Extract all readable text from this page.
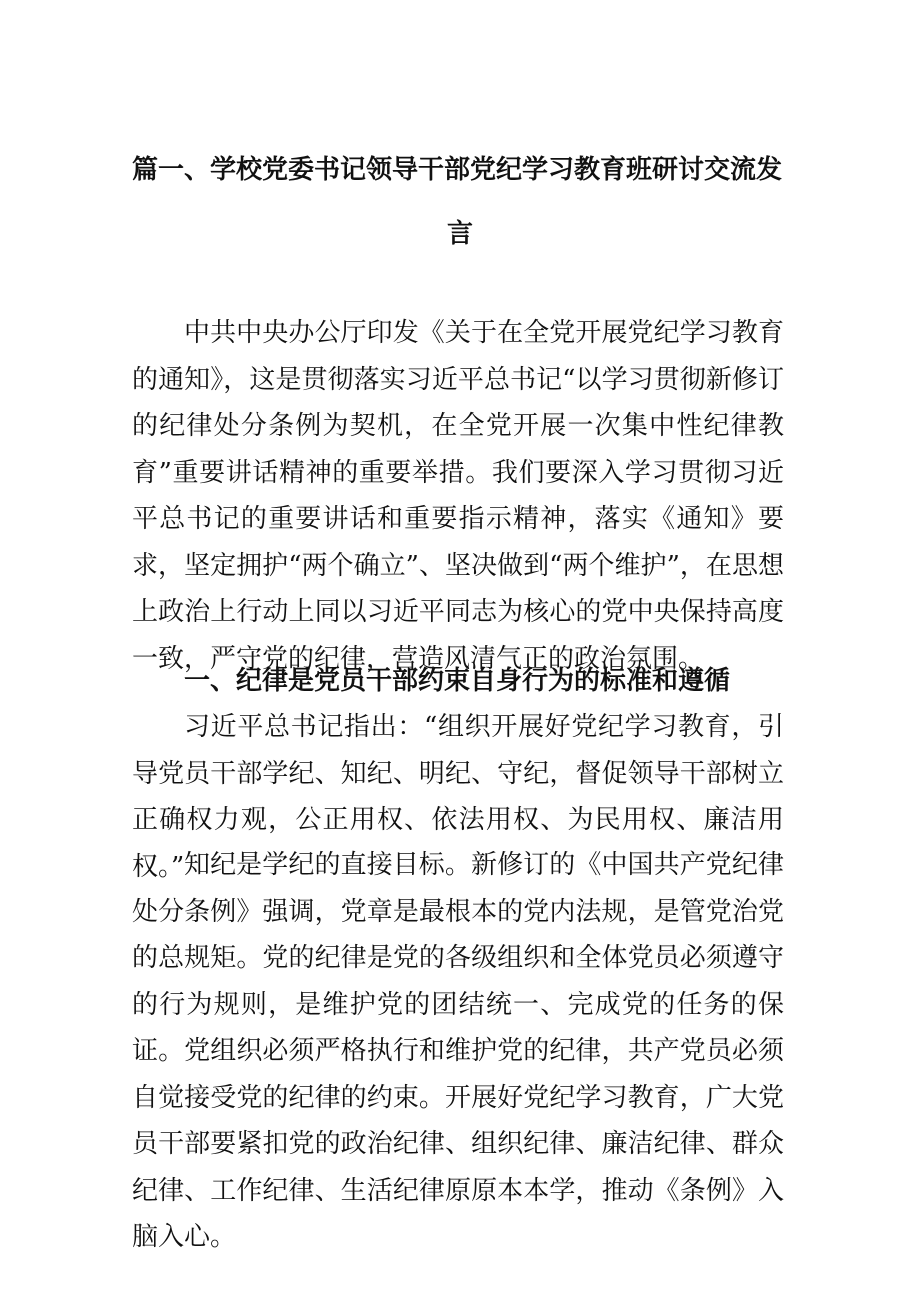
篇一、学校党委书记领导干部党纪学习教育班研讨交流发
言

中共中央办公厅印发《关于在全党开展党纪学习教育的通知》，这是贯彻落实习近平总书记“以学习贯彻新修订的纪律处分条例为契机，在全党开展一次集中性纪律教育”重要讲话精神的重要举措。我们要深入学习贯彻习近平总书记的重要讲话和重要指示精神，落实《通知》要求，坚定拥护“两个确立”、坚决做到“两个维护”，在思想上政治上行动上同以习近平同志为核心的党中央保持高度一致，严守党的纪律，营造风清气正的政治氛围。

一、纪律是党员干部约束自身行为的标准和遵循

习近平总书记指出：“组织开展好党纪学习教育，引导党员干部学纪、知纪、明纪、守纪，督促领导干部树立正确权力观，公正用权、依法用权、为民用权、廉洁用权。” 知纪是学纪的直接目标。新修订的《中国共产党纪律处分条例》强调，党章是最根本的党内法规，是管党治党的总规矩。党的纪律是党的各级组织和全体党员必须遵守的行为规则，是维护党的团结统一、完成党的任务的保证。党组织必须严格执行和维护党的纪律，共产党员必须自觉接受党的纪律的约束。开展好党纪学习教育，广大党员干部要紧扣党的政治纪律、组织纪律、廉洁纪律、群众纪律、工作纪律、生活纪律原原本本学，推动《条例》入脑入心。
